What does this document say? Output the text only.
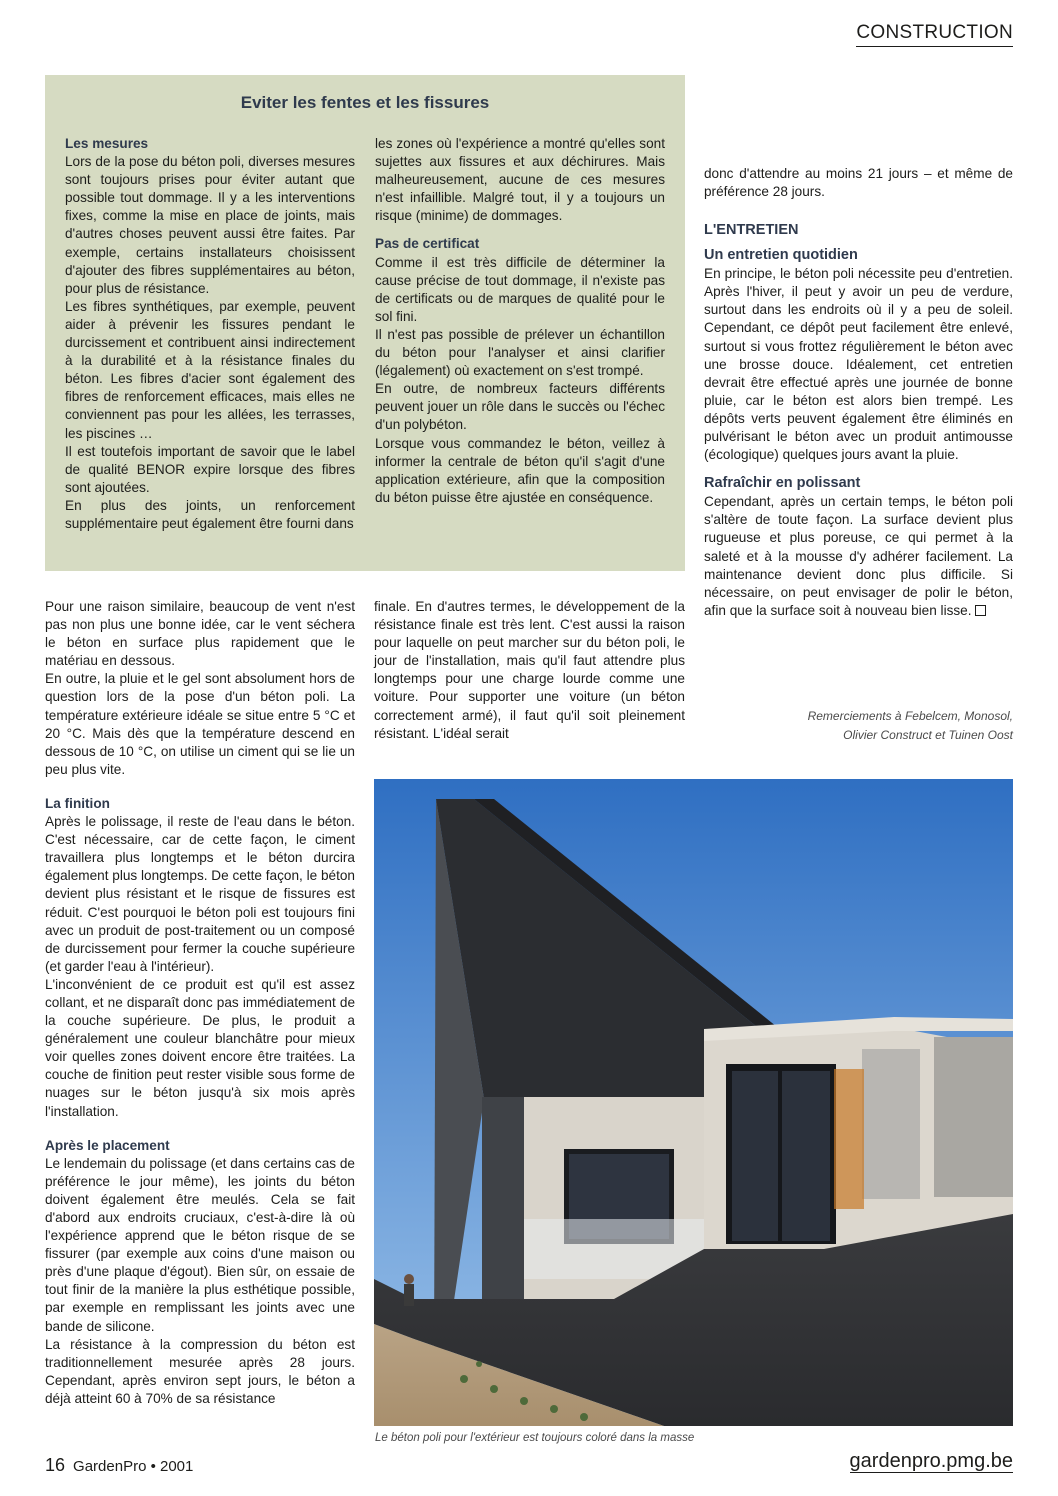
CONSTRUCTION
Eviter les fentes et les fissures
Les mesures

Lors de la pose du béton poli, diverses mesures sont toujours prises pour éviter autant que possible tout dommage. Il y a les interventions fixes, comme la mise en place de joints, mais d'autres choses peuvent aussi être faites. Par exemple, certains installateurs choisissent d'ajouter des fibres supplémentaires au béton, pour plus de résistance.

Les fibres synthétiques, par exemple, peuvent aider à prévenir les fissures pendant le durcissement et contribuent ainsi indirectement à la durabilité et à la résistance finales du béton. Les fibres d'acier sont également des fibres de renforcement efficaces, mais elles ne conviennent pas pour les allées, les terrasses, les piscines …

Il est toutefois important de savoir que le label de qualité BENOR expire lorsque des fibres sont ajoutées.

En plus des joints, un renforcement supplémentaire peut également être fourni dans

les zones où l'expérience a montré qu'elles sont sujettes aux fissures et aux déchirures. Mais malheureusement, aucune de ces mesures n'est infaillible. Malgré tout, il y a toujours un risque (minime) de dommages.

Pas de certificat

Comme il est très difficile de déterminer la cause précise de tout dommage, il n'existe pas de certificats ou de marques de qualité pour le sol fini.

Il n'est pas possible de prélever un échantillon du béton pour l'analyser et ainsi clarifier (légalement) où exactement on s'est trompé.

En outre, de nombreux facteurs différents peuvent jouer un rôle dans le succès ou l'échec d'un polybéton.

Lorsque vous commandez le béton, veillez à informer la centrale de béton qu'il s'agit d'une application extérieure, afin que la composition du béton puisse être ajustée en conséquence.

donc d'attendre au moins 21 jours – et même de préférence 28 jours.

L'ENTRETIEN
Un entretien quotidien

En principe, le béton poli nécessite peu d'entretien. Après l'hiver, il peut y avoir un peu de verdure, surtout dans les endroits où il y a peu de soleil. Cependant, ce dépôt peut facilement être enlevé, surtout si vous frottez régulièrement le béton avec une brosse douce. Idéalement, cet entretien devrait être effectué après une journée de bonne pluie, car le béton est alors bien trempé. Les dépôts verts peuvent également être éliminés en pulvérisant le béton avec un produit antimousse (écologique) quelques jours avant la pluie.

Rafraîchir en polissant

Cependant, après un certain temps, le béton poli s'altère de toute façon. La surface devient plus rugueuse et plus poreuse, ce qui permet à la saleté et à la mousse d'y adhérer facilement. La maintenance devient donc plus difficile. Si nécessaire, on peut envisager de polir le béton, afin que la surface soit à nouveau bien lisse.

Remerciements à Febelcem, Monosol,
Olivier Construct et Tuinen Oost

finale. En d'autres termes, le développement de la résistance finale est très lent. C'est aussi la raison pour laquelle on peut marcher sur du béton poli, le jour de l'installation, mais qu'il faut attendre plus longtemps pour une charge lourde comme une voiture. Pour supporter une voiture (un béton correctement armé), il faut qu'il soit pleinement résistant. L'idéal serait

Pour une raison similaire, beaucoup de vent n'est pas non plus une bonne idée, car le vent séchera le béton en surface plus rapidement que le matériau en dessous.

En outre, la pluie et le gel sont absolument hors de question lors de la pose d'un béton poli. La température extérieure idéale se situe entre 5 °C et 20 °C. Mais dès que la température descend en dessous de 10 °C, on utilise un ciment qui se lie un peu plus vite.

La finition

Après le polissage, il reste de l'eau dans le béton. C'est nécessaire, car de cette façon, le ciment travaillera plus longtemps et le béton durcira également plus longtemps. De cette façon, le béton devient plus résistant et le risque de fissures est réduit. C'est pourquoi le béton poli est toujours fini avec un produit de post-traitement ou un composé de durcissement pour fermer la couche supérieure (et garder l'eau à l'intérieur).

L'inconvénient de ce produit est qu'il est assez collant, et ne disparaît donc pas immédiatement de la couche supérieure. De plus, le produit a généralement une couleur blanchâtre pour mieux voir quelles zones doivent encore être traitées. La couche de finition peut rester visible sous forme de nuages sur le béton jusqu'à six mois après l'installation.

Après le placement

Le lendemain du polissage (et dans certains cas de préférence le jour même), les joints du béton doivent également être meulés. Cela se fait d'abord aux endroits cruciaux, c'est-à-dire là où l'expérience apprend que le béton risque de se fissurer (par exemple aux coins d'une maison ou près d'une plaque d'égout). Bien sûr, on essaie de tout finir de la manière la plus esthétique possible, par exemple en remplissant les joints avec une bande de silicone.

La résistance à la compression du béton est traditionnellement mesurée après 28 jours. Cependant, après environ sept jours, le béton a déjà atteint 60 à 70% de sa résistance

Le béton poli pour l'extérieur est toujours coloré dans la masse
16 GardenPro • 2001	gardenpro.pmg.be
